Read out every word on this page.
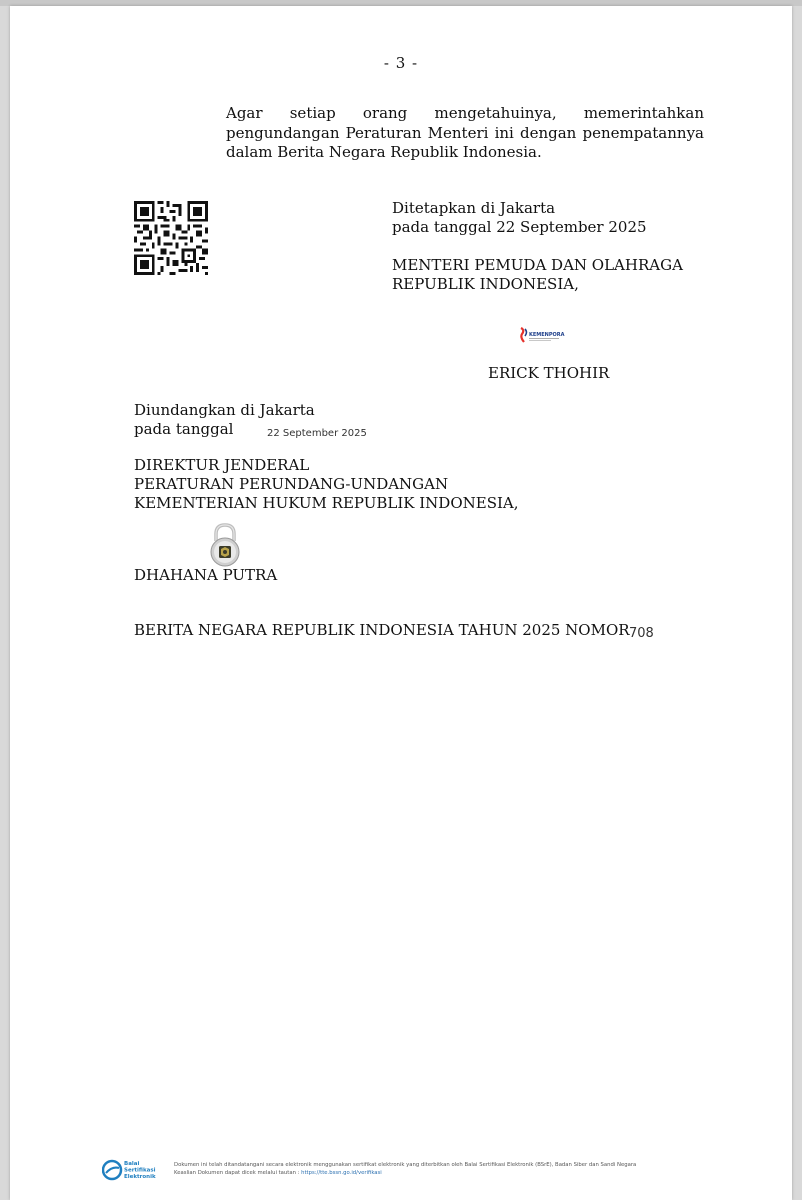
- 3 -
Agar setiap orang mengetahuinya, memerintahkan
pengundangan Peraturan Menteri ini dengan penempatannya
dalam Berita Negara Republik Indonesia.
Ditetapkan di Jakarta
pada tanggal 22 September 2025
MENTERI PEMUDA DAN OLAHRAGA
REPUBLIK INDONESIA,
KEMENPORA
ERICK THOHIR
Diundangkan di Jakarta
pada tanggal	22 September 2025
DIREKTUR JENDERAL
PERATURAN PERUNDANG-UNDANGAN
KEMENTERIAN HUKUM REPUBLIK INDONESIA,
DHAHANA PUTRA
BERITA NEGARA REPUBLIK INDONESIA TAHUN 2025 NOMOR 708
Balai
Sertifikasi
Elektronik
Dokumen ini telah ditandatangani secara elektronik menggunakan sertifikat elektronik yang diterbitkan oleh Balai Sertifikasi Elektronik (BSrE), Badan Siber dan Sandi Negara
Keaslian Dokumen dapat dicek melalui tautan : https://tte.bssn.go.id/verifikasi
